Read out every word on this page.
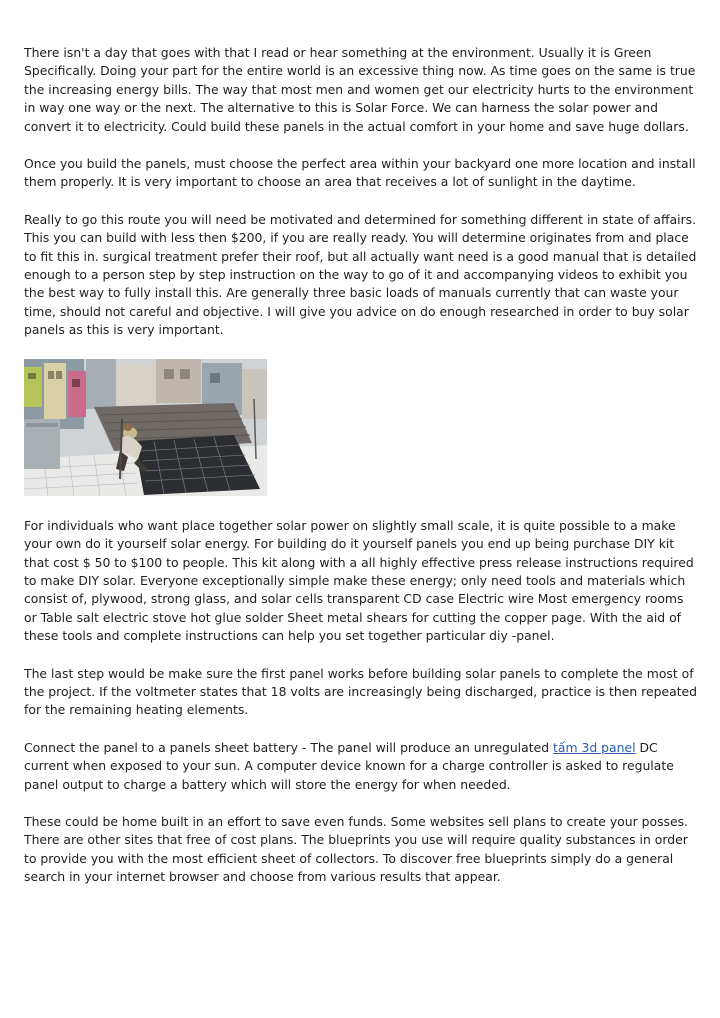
There isn't a day that goes with that I read or hear something at the environment. Usually it is Green Specifically. Doing your part for the entire world is an excessive thing now. As time goes on the same is true the increasing energy bills. The way that most men and women get our electricity hurts to the environment in way one way or the next. The alternative to this is Solar Force. We can harness the solar power and convert it to electricity. Could build these panels in the actual comfort in your home and save huge dollars.

Once you build the panels, must choose the perfect area within your backyard one more location and install them properly. It is very important to choose an area that receives a lot of sunlight in the daytime.

Really to go this route you will need be motivated and determined for something different in state of affairs. This you can build with less then $200, if you are really ready. You will determine originates from and place to fit this in. surgical treatment prefer their roof, but all actually want need is a good manual that is detailed enough to a person step by step instruction on the way to go of it and accompanying videos to exhibit you the best way to fully install this. Are generally three basic loads of manuals currently that can waste your time, should not careful and objective. I will give you advice on do enough researched in order to buy solar panels as this is very important.

For individuals who want place together solar power on slightly small scale, it is quite possible to a make your own do it yourself solar energy. For building do it yourself panels you end up being purchase DIY kit that cost $ 50 to $100 to people. This kit along with a all highly effective press release instructions required to make DIY solar. Everyone exceptionally simple make these energy; only need tools and materials which consist of, plywood, strong glass, and solar cells transparent CD case Electric wire Most emergency rooms or Table salt electric stove hot glue solder Sheet metal shears for cutting the copper page. With the aid of these tools and complete instructions can help you set together particular diy -panel.

The last step would be make sure the first panel works before building solar panels to complete the most of the project. If the voltmeter states that 18 volts are increasingly being discharged, practice is then repeated for the remaining heating elements.

Connect the panel to a panels sheet battery - The panel will produce an unregulated tấm 3d panel DC current when exposed to your sun. A computer device known for a charge controller is asked to regulate panel output to charge a battery which will store the energy for when needed.

These could be home built in an effort to save even funds. Some websites sell plans to create your posses. There are other sites that free of cost plans. The blueprints you use will require quality substances in order to provide you with the most efficient sheet of collectors. To discover free blueprints simply do a general search in your internet browser and choose from various results that appear.
